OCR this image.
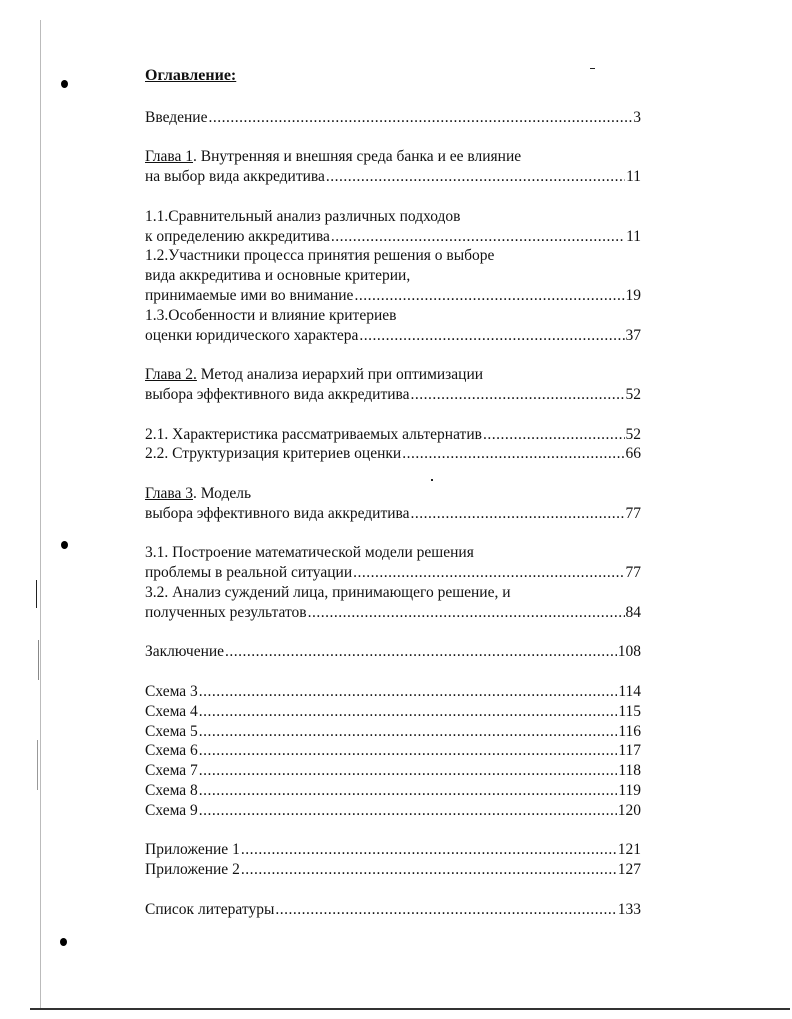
Оглавление:
Введение .....	3
Глава 1. Внутренняя и внешняя среда банка и ее влияние
на выбор вида аккредитива .....	11
1.1.Сравнительный анализ различных подходов
к определению аккредитива .....	11
1.2.Участники процесса принятия решения о выборе
вида аккредитива и основные критерии,
принимаемые ими во внимание .....	19
1.3.Особенности и влияние критериев
оценки юридического характера .....	37
Глава 2. Метод анализа иерархий при оптимизации
выбора эффективного вида аккредитива .....	52
2.1. Характеристика рассматриваемых альтернатив .....	52
2.2. Структуризация критериев оценки .....	66
Глава 3. Модель
выбора эффективного вида аккредитива .....	77
3.1. Построение математической модели решения
проблемы в реальной ситуации .....	77
3.2. Анализ суждений лица, принимающего решение, и
полученных результатов .....	84
Заключение .....	108
Схема 3 .....	114
Схема 4 .....	115
Схема 5 .....	116
Схема 6 .....	117
Схема 7 .....	118
Схема 8 .....	119
Схема 9 .....	120
Приложение 1 .....	121
Приложение 2 .....	127
Список литературы .....	133
